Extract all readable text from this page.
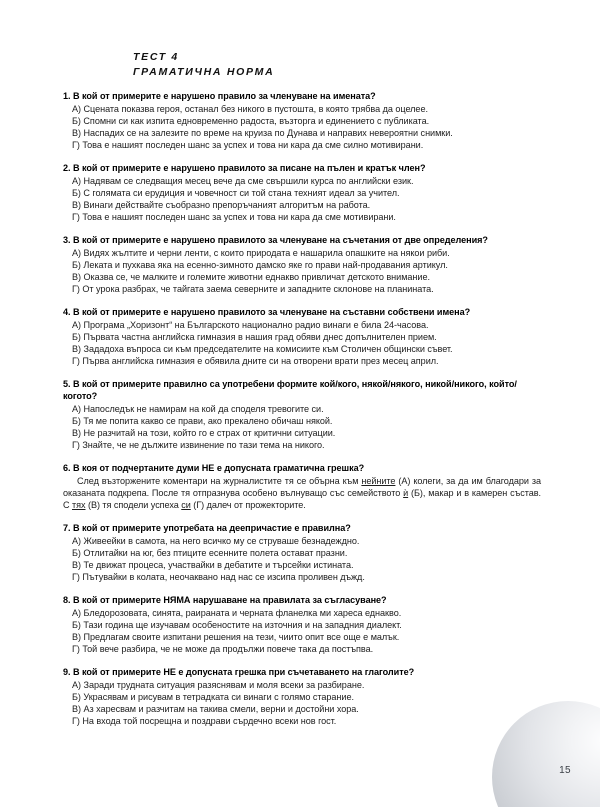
ТЕСТ 4
ГРАМАТИЧНА НОРМА

1. В кой от примерите е нарушено правило за членуване на имената?

А) Сцената показва героя, останал без никого в пустошта, в която трябва да оцелее.

Б) Спомни си как изпита едновременно радоста, възторга и единението с публиката.

В) Наспадих се на залезите по време на круиза по Дунава и направих невероятни снимки.

Г) Това е нашият последен шанс за успех и това ни кара да сме силно мотивирани.

2. В кой от примерите е нарушено правилото за писане на пълен и кратък член?

А) Надявам се следващия месец вече да сме свършили курса по английски език.

Б) С голямата си ерудиция и човечност си той стана техният идеал за учител.

В) Винаги действайте съобразно препоръчаният алгоритъм на работа.

Г) Това е нашият последен шанс за успех и това ни кара да сме мотивирани.

3. В кой от примерите е нарушено правилото за членуване на съчетания от две определения?

А) Видях жълтите и черни ленти, с които природата е нашарила опашките на някои риби.

Б) Леката и пухкава яка на есенно-зимното дамско яке го прави най-продавания артикул.

В) Оказва се, че малките и големите животни еднакво привличат детското внимание.

Г) От урока разбрах, че тайгата заема северните и западните склонове на планината.

4. В кой от примерите е нарушено правилото за членуване на съставни собствени имена?

А) Програма „Хоризонт“ на Българското национално радио винаги е била 24-часова.

Б) Първата частна английска гимназия в нашия град обяви днес допълнителен прием.

В) Зададоха въпроса си към председателите на комисиите към Столичен общински съвет.

Г) Първа английска гимназия е обявила дните си на отворени врати през месец април.

5. В кой от примерите правилно са употребени формите кой/кого, някой/някого, никой/никого, който/когото?

А) Напоследък не намирам на кой да споделя тревогите си.

Б) Тя ме попита какво се прави, ако прекалено обичаш някой.

В) Не разчитай на този, който го е страх от критични ситуации.

Г) Знайте, че не дължите извинение по тази тема на никого.

6. В коя от подчертаните думи НЕ е допусната граматична грешка?

След възторжените коментари на журналистите тя се обърна към нейните (А) колеги, за да им благодари за оказаната подкрепа. После тя отпразнува особено вълнуващо със семейството ѝ (Б), макар и в камерен състав. С тях (В) тя сподели успеха си (Г) далеч от прожекторите.

7. В кой от примерите употребата на деепричастие е правилна?

А) Живеейки в самота, на него всичко му се струваше безнадеждно.

Б) Отлитайки на юг, без птиците есенните полета остават празни.

В) Те движат процеса, участвайки в дебатите и търсейки истината.

Г) Пътувайки в колата, неочаквано над нас се изсипа проливен дъжд.

8. В кой от примерите НЯМА нарушаване на правилата за съгласуване?

А) Бледорозовата, синята, раираната и черната фланелка ми хареса еднакво.

Б) Тази година ще изучавам особеностите на източния и на западния диалект.

В) Предлагам своите изпитани решения на тези, чиито опит все още е малък.

Г) Той вече разбира, че не може да продължи повече така да постъпва.

9. В кой от примерите НЕ е допусната грешка при съчетаването на глаголите?

А) Заради трудната ситуация разяснявам и моля всеки за разбиране.

Б) Украсявам и рисувам в тетрадката си винаги с голямо старание.

В) Аз харесвам и разчитам на такива смели, верни и достойни хора.

Г) На входа той посрещна и поздрави сърдечно всеки нов гост.

15
